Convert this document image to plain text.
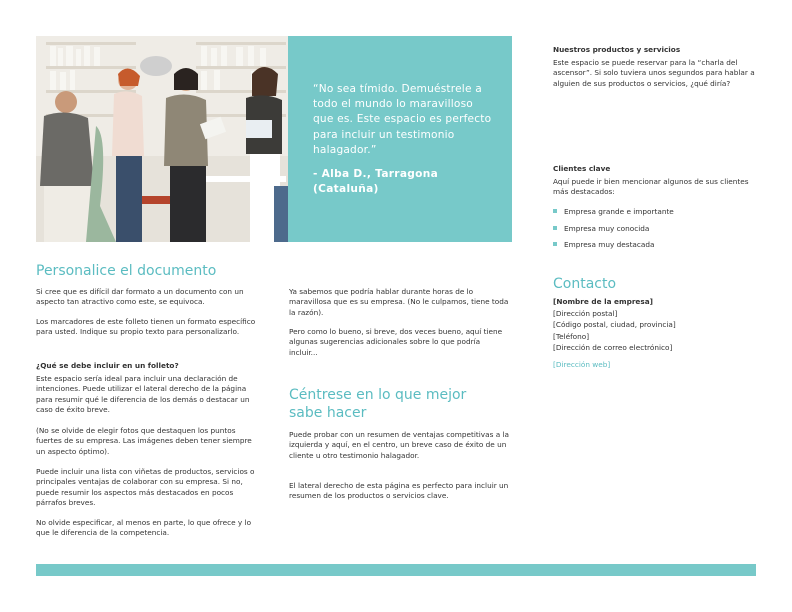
“No sea tímido. Demuéstrele a todo el mundo lo maravilloso que es. Este espacio es perfecto para incluir un testimonio halagador.”
- Alba D., Tarragona
(Cataluña)
Personalice el documento

Si cree que es difícil dar formato a un documento con un aspecto tan atractivo como este, se equivoca.

Los marcadores de este folleto tienen un formato específico para usted. Indique su propio texto para personalizarlo.

¿Qué se debe incluir en un folleto?

Este espacio sería ideal para incluir una declaración de intenciones. Puede utilizar el lateral derecho de la página para resumir qué le diferencia de los demás o destacar un caso de éxito breve.

(No se olvide de elegir fotos que destaquen los puntos fuertes de su empresa. Las imágenes deben tener siempre un aspecto óptimo).

Puede incluir una lista con viñetas de productos, servicios o principales ventajas de colaborar con su empresa. Si no, puede resumir los aspectos más destacados en pocos párrafos breves.

No olvide especificar, al menos en parte, lo que ofrece y lo que le diferencia de la competencia.

Ya sabemos que podría hablar durante horas de lo maravillosa que es su empresa. (No le culpamos, tiene toda la razón).

Pero como lo bueno, si breve, dos veces bueno, aquí tiene algunas sugerencias adicionales sobre lo que podría incluir...

Céntrese en lo que mejor sabe hacer

Puede probar con un resumen de ventajas competitivas a la izquierda y aquí, en el centro, un breve caso de éxito de un cliente u otro testimonio halagador.

El lateral derecho de esta página es perfecto para incluir un resumen de los productos o servicios clave.

Nuestros productos y servicios

Este espacio se puede reservar para la “charla del ascensor”. Si solo tuviera unos segundos para hablar a alguien de sus productos o servicios, ¿qué diría?

Clientes clave

Aquí puede ir bien mencionar algunos de sus clientes más destacados:

Empresa grande e importante
Empresa muy conocida
Empresa muy destacada
Contacto

[Nombre de la empresa]

[Dirección postal]

[Código postal, ciudad, provincia]

[Teléfono]

[Dirección de correo electrónico]

[Dirección web]
